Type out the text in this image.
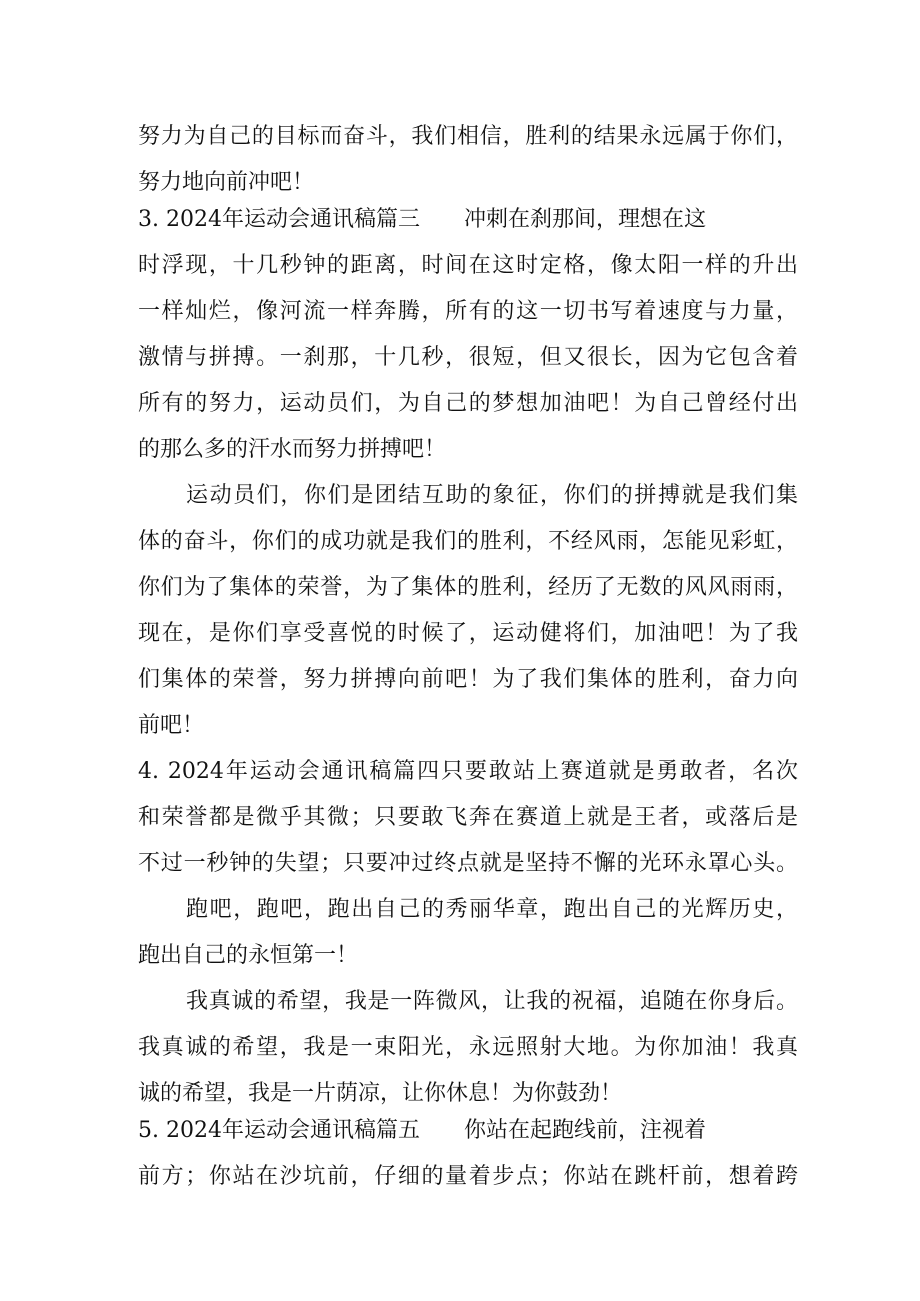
努力为自己的目标而奋斗，我们相信，胜利的结果永远属于你们，
努力地向前冲吧！
3. 2024年运动会通讯稿篇三 冲刺在刹那间，理想在这
时浮现，十几秒钟的距离，时间在这时定格，像太阳一样的升出
一样灿烂，像河流一样奔腾，所有的这一切书写着速度与力量，
激情与拼搏。一刹那，十几秒，很短，但又很长，因为它包含着
所有的努力，运动员们，为自己的梦想加油吧！为自己曾经付出
的那么多的汗水而努力拼搏吧！
运动员们，你们是团结互助的象征，你们的拼搏就是我们集
体的奋斗，你们的成功就是我们的胜利，不经风雨，怎能见彩虹，
你们为了集体的荣誉，为了集体的胜利，经历了无数的风风雨雨，
现在，是你们享受喜悦的时候了，运动健将们，加油吧！为了我
们集体的荣誉，努力拼搏向前吧！为了我们集体的胜利，奋力向
前吧！
4. 2024年运动会通讯稿篇四只要敢站上赛道就是勇敢者，名次
和荣誉都是微乎其微；只要敢飞奔在赛道上就是王者，或落后是
不过一秒钟的失望；只要冲过终点就是坚持不懈的光环永罩心头。
跑吧，跑吧，跑出自己的秀丽华章，跑出自己的光辉历史，
跑出自己的永恒第一！
我真诚的希望，我是一阵微风，让我的祝福，追随在你身后。
我真诚的希望，我是一束阳光，永远照射大地。为你加油！我真
诚的希望，我是一片荫凉，让你休息！为你鼓劲！
5. 2024年运动会通讯稿篇五 你站在起跑线前，注视着
前方；你站在沙坑前，仔细的量着步点；你站在跳杆前，想着跨
